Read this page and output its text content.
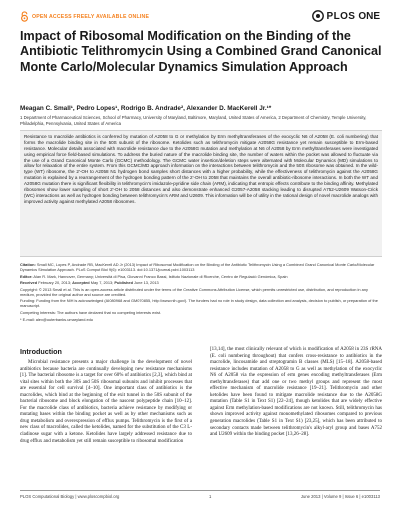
OPEN ACCESS FREELY AVAILABLE ONLINE	PLOS ONE
Impact of Ribosomal Modification on the Binding of the Antibiotic Telithromycin Using a Combined Grand Canonical Monte Carlo/Molecular Dynamics Simulation Approach
Meagan C. Small¹, Pedro Lopes¹, Rodrigo B. Andrade², Alexander D. MacKerell Jr.¹*
1 Department of Pharmaceutical Sciences, School of Pharmacy, University of Maryland, Baltimore, Maryland, United States of America, 2 Department of Chemistry, Temple University, Philadelphia, Pennsylvania, United States of America
Resistance to macrolide antibiotics is conferred by mutation of A2058 to G or methylation by Erm methyltransferases of the exocyclic N6 of A2058 (E. coli numbering) that forms the macrolide binding site in the 50S subunit of the ribosome. Ketolides such as telithromycin mitigate A2058G resistance yet remain susceptible to Erm-based resistance. Molecular details associated with macrolide resistance due to the A2058G mutation and methylation at N6 of A2058 by Erm methyltransferases were investigated using empirical force field-based simulations. To address the buried nature of the macrolide binding site, the number of waters within the pocket was allowed to fluctuate via the use of a Grand Canonical Monte Carlo (GCMC) methodology. The GCMC water insertion/deletion steps were alternated with Molecular Dynamics (MD) simulations to allow for relaxation of the entire system. From this GCMC/MD approach information on the interactions between telithromycin and the 50S ribosome was obtained. In the wild-type (WT) ribosome, the 2'-OH to A2058 N1 hydrogen bond samples short distances with a higher probability, while the effectiveness of telithromycin against the A2058G mutation is explained by a rearrangement of the hydrogen bonding pattern of the 2'-OH to 2058 that maintains the overall antibiotic-ribosome interactions. In both the WT and A2058G mutation there is significant flexibility in telithromycin's imidazole-pyridine side chain (ARM), indicating that entropic effects contribute to the binding affinity. Methylated ribosomes show lower sampling of short 2'-OH to 2058 distances and also demonstrate enhanced G2057-A2058 stacking leading to disrupted A752-U2609 Watson-Crick (WC) interactions as well as hydrogen bonding between telithromycin's ARM and U2609. This information will be of utility in the rational design of novel macrolide analogs with improved activity against methylated A2058 ribosomes.

Citation: Small MC, Lopes P, Andrade RB, MacKerell AD Jr (2013) Impact of Ribosomal Modification on the Binding of the Antibiotic Telithromycin Using a Combined Grand Canonical Monte Carlo/Molecular Dynamics Simulation Approach. PLoS Comput Biol 9(6): e1003113. doi:10.1371/journal.pcbi.1003113

Editor: Alan R. Mark, Hannover, Germany; Università di Pisa, Giovanni Franco Bassi, Istituto Nazionale di Ricerche, Centro de Regulació Genòmica, Spain

Received February 20, 2013; Accepted May 7, 2013; Published June 13, 2013

Copyright: © 2013 Small et al. This is an open-access article distributed under the terms of the Creative Commons Attribution License, which permits unrestricted use, distribution, and reproduction in any medium, provided the original author and source are credited.

Funding: Funding from the NIH is acknowledged (AI080968 and GM070855, http://www.nih.gov/). The funders had no role in study design, data collection and analysis, decision to publish, or preparation of the manuscript.

Competing Interests: The authors have declared that no competing interests exist.

* E-mail: alex@outerbanks.umaryland.edu

Introduction

Microbial resistance presents a major challenge in the development of novel antibiotics because bacteria are continually developing new resistance mechanisms [1]. The bacterial ribosome is a target for over 60% of antibiotics [2,3], which bind at vital sites within both the 30S and 50S ribosomal subunits and inhibit processes that are essential for cell survival [4–10]. One important class of antibiotics is the macrolides, which bind at the beginning of the exit tunnel in the 50S subunit of the bacterial ribosome and block elongation of the nascent polypeptide chain [10–12]. For the macrolide class of antibiotics, bacteria achieve resistance by modifying or mutating bases within the binding pocket as well as by other mechanisms such as drug metabolism and overexpression of efflux pumps. Telithromycin is the first of a new class of macrolides, called the ketolides, named for the substitution of the C3 L-cladinose sugar with a ketone. Ketolides have largely addressed resistance due to drug efflux and metabolism yet still remain susceptible to ribosomal modification

[13,14], the most clinically relevant of which is modification of A2058 in 23S rRNA (E. coli numbering throughout) that confers cross-resistance to antibiotics in the macrolide, lincosamide and streptogramin B classes (MLS) [15–18]. A2058-based resistance includes mutation of A2058 to G as well as methylation of the exocyclic N6 of A2058 via the expression of erm genes encoding methyltransferases (Erm methyltransferases) that add one or two methyl groups and represent the most effective mechanism of macrolide resistance [19–21]. Telithromycin and other ketolides have been found to mitigate macrolide resistance due to the A2058G mutation (Table S1 in Text S1) [22–24], though ketolides that are widely effective against Erm methylation-based modifications are not known. Still, telithromycin has shown improved activity against monomethylated ribosomes compared to previous generation macrolides (Table S1 in Text S1) [23,25], which has been attributed to secondary contacts made between telithromycin's alkyl-aryl group and bases A752 and U2609 within the binding pocket [13,26–28].

PLOS Computational Biology | www.ploscompbiol.org	1	June 2013 | Volume 9 | Issue 6 | e1003113
